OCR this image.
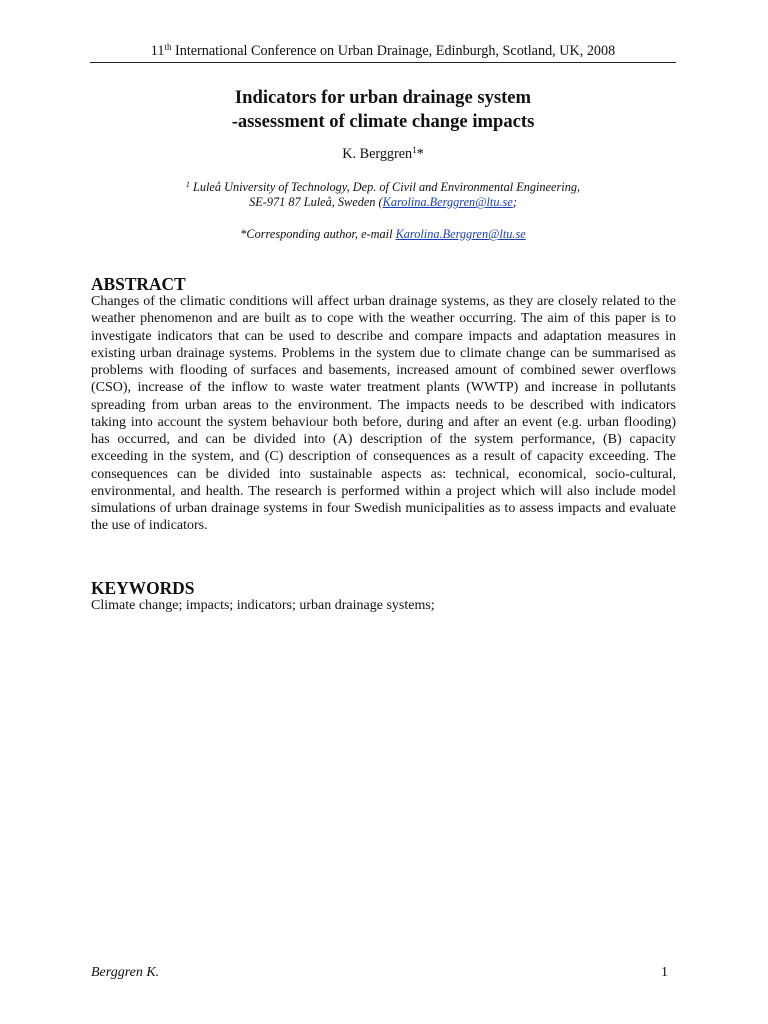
11th International Conference on Urban Drainage, Edinburgh, Scotland, UK, 2008
Indicators for urban drainage system
-assessment of climate change impacts
K. Berggren$^1$*
$^1$ Luleå University of Technology, Dep. of Civil and Environmental Engineering,
SE-971 87 Luleå, Sweden (Karolina.Berggren@ltu.se;
*Corresponding author, e-mail Karolina.Berggren@ltu.se
ABSTRACT
Changes of the climatic conditions will affect urban drainage systems, as they are closely related to the weather phenomenon and are built as to cope with the weather occurring. The aim of this paper is to investigate indicators that can be used to describe and compare impacts and adaptation measures in existing urban drainage systems. Problems in the system due to climate change can be summarised as problems with flooding of surfaces and basements, increased amount of combined sewer overflows (CSO), increase of the inflow to waste water treatment plants (WWTP) and increase in pollutants spreading from urban areas to the environment. The impacts needs to be described with indicators taking into account the system behaviour both before, during and after an event (e.g. urban flooding) has occurred, and can be divided into (A) description of the system performance, (B) capacity exceeding in the system, and (C) description of consequences as a result of capacity exceeding. The consequences can be divided into sustainable aspects as: technical, economical, socio-cultural, environmental, and health. The research is performed within a project which will also include model simulations of urban drainage systems in four Swedish municipalities as to assess impacts and evaluate the use of indicators.
KEYWORDS
Climate change; impacts; indicators; urban drainage systems;
Berggren K.	1
